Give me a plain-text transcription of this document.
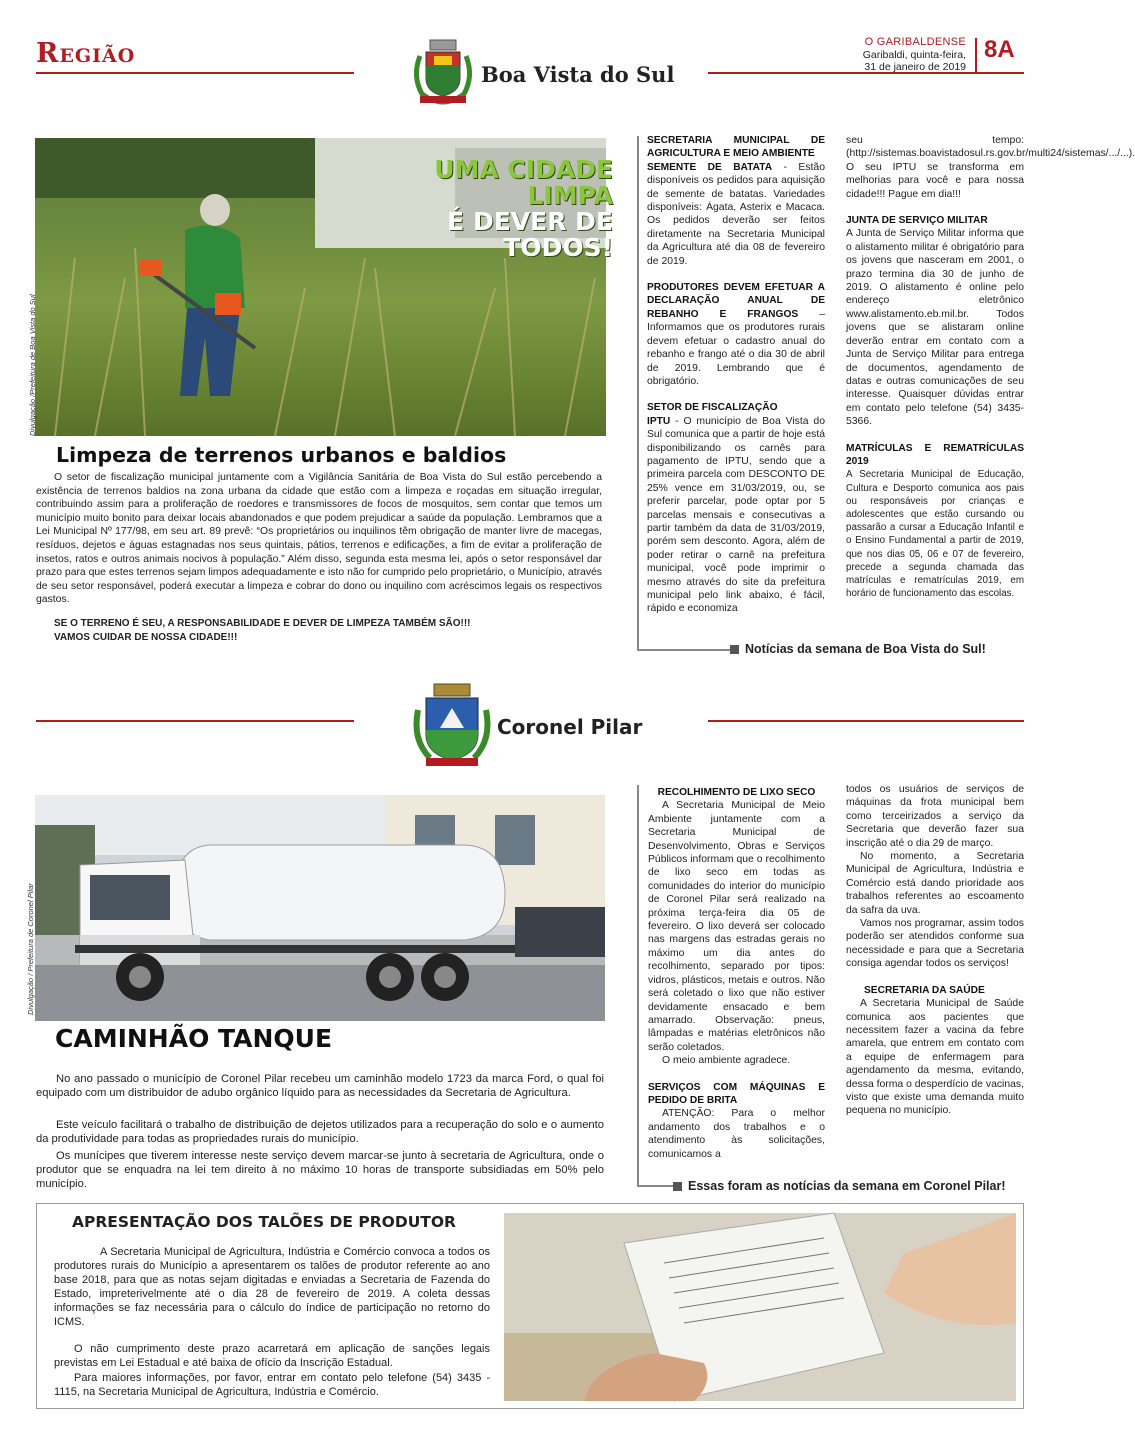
Região	O GARIBALDENSE
Garibaldi, quinta-feira,
31 de janeiro de 2019
8A
Boa Vista do Sul
UMA CIDADE LIMPA
É DEVER DE TODOS!
Divulgação /Prefeitura de Boa Vista do Sul
Limpeza de terrenos urbanos e baldios
O setor de fiscalização municipal juntamente com a Vigilância Sanitária de Boa Vista do Sul estão percebendo a existência de terrenos baldios na zona urbana da cidade que estão com a limpeza e roçadas em situação irregular, contribuindo assim para a proliferação de roedores e transmissores de focos de mosquitos, sem contar que temos um município muito bonito para deixar locais abandonados e que podem prejudicar a saúde da população. Lembramos que a Lei Municipal Nº 177/98, em seu art. 89 prevê: “Os proprietários ou inquilinos têm obrigação de manter livre de macegas, resíduos, dejetos e águas estagnadas nos seus quintais, pátios, terrenos e edificações, a fim de evitar a proliferação de insetos, ratos e outros animais nocivos à população.” Além disso, segunda esta mesma lei, após o setor responsável dar prazo para que estes terrenos sejam limpos adequadamente e isto não for cumprido pelo proprietário, o Município, através de seu setor responsável, poderá executar a limpeza e cobrar do dono ou inquilino com acréscimos legais os respectivos gastos.
SE O TERRENO É SEU, A RESPONSABILIDADE E DEVER DE LIMPEZA TAMBÉM SÃO!!!
VAMOS CUIDAR DE NOSSA CIDADE!!!
SECRETARIA MUNICIPAL DE AGRICULTURA E MEIO AMBIENTE

SEMENTE DE BATATA - Estão disponíveis os pedidos para aquisição de semente de batatas. Variedades disponíveis: Ágata, Asterix e Macaca. Os pedidos deverão ser feitos diretamente na Secretaria Municipal da Agricultura até dia 08 de fevereiro de 2019.

PRODUTORES DEVEM EFETUAR A DECLARAÇÃO ANUAL DE REBANHO E FRANGOS – Informamos que os produtores rurais devem efetuar o cadastro anual do rebanho e frango até o dia 30 de abril de 2019. Lembrando que é obrigatório.

SETOR DE FISCALIZAÇÃO

IPTU - O município de Boa Vista do Sul comunica que a partir de hoje está disponibilizando os carnês para pagamento de IPTU, sendo que a primeira parcela com DESCONTO DE 25% vence em 31/03/2019, ou, se preferir parcelar, pode optar por 5 parcelas mensais e consecutivas a partir também da data de 31/03/2019, porém sem desconto. Agora, além de poder retirar o carnê na prefeitura municipal, você pode imprimir o mesmo através do site da prefeitura municipal pelo link abaixo, é fácil, rápido e economiza

seu tempo: (http://sistemas.boavistadosul.rs.gov.br/multi24/sistemas/.../...).

O seu IPTU se transforma em melhorias para você e para nossa cidade!!! Pague em dia!!!

JUNTA DE SERVIÇO MILITAR

A Junta de Serviço Militar informa que o alistamento militar é obrigatório para os jovens que nasceram em 2001, o prazo termina dia 30 de junho de 2019. O alistamento é online pelo endereço eletrônico www.alistamento.eb.mil.br. Todos jovens que se alistaram online deverão entrar em contato com a Junta de Serviço Militar para entrega de documentos, agendamento de datas e outras comunicações de seu interesse. Quaisquer dúvidas entrar em contato pelo telefone (54) 3435-5366.

MATRÍCULAS E REMATRÍCULAS 2019

A Secretaria Municipal de Educação, Cultura e Desporto comunica aos pais ou responsáveis por crianças e adolescentes que estão cursando ou passarão a cursar a Educação Infantil e o Ensino Fundamental a partir de 2019, que nos dias 05, 06 e 07 de fevereiro, precede a segunda chamada das matrículas e rematrículas 2019, em horário de funcionamento das escolas.

Notícias da semana de Boa Vista do Sul!
Coronel Pilar
Divulgação / Prefeitura de Coronel Pilar
CAMINHÃO TANQUE
No ano passado o município de Coronel Pilar recebeu um caminhão modelo 1723 da marca Ford, o qual foi equipado com um distribuidor de adubo orgânico líquido para as necessidades da Secretaria de Agricultura.
Este veículo facilitará o trabalho de distribuição de dejetos utilizados para a recuperação do solo e o aumento da produtividade para todas as propriedades rurais do município.
Os munícipes que tiverem interesse neste serviço devem marcar-se junto à secretaria de Agricultura, onde o produtor que se enquadra na lei tem direito à no máximo 10 horas de transporte subsidiadas em 50% pelo município.
RECOLHIMENTO DE LIXO SECO
A Secretaria Municipal de Meio Ambiente juntamente com a Secretaria Municipal de Desenvolvimento, Obras e Serviços Públicos informam que o recolhimento de lixo seco em todas as comunidades do interior do município de Coronel Pilar será realizado na próxima terça-feira dia 05 de fevereiro. O lixo deverá ser colocado nas margens das estradas gerais no máximo um dia antes do recolhimento, separado por tipos: vidros, plásticos, metais e outros. Não será coletado o lixo que não estiver devidamente ensacado e bem amarrado. Observação: pneus, lâmpadas e matérias eletrônicos não serão coletados.

O meio ambiente agradece.

SERVIÇOS COM MÁQUINAS E PEDIDO DE BRITA
ATENÇÃO: Para o melhor andamento dos trabalhos e o atendimento às solicitações, comunicamos a
todos os usuários de serviços de máquinas da frota municipal bem como terceirizados a serviço da Secretaria que deverão fazer sua inscrição até o dia 29 de março.
No momento, a Secretaria Municipal de Agricultura, Indústria e Comércio está dando prioridade aos trabalhos referentes ao escoamento da safra da uva.

Vamos nos programar, assim todos poderão ser atendidos conforme sua necessidade e para que a Secretaria consiga agendar todos os serviços!

SECRETARIA DA SAÚDE
A Secretaria Municipal de Saúde comunica aos pacientes que necessitem fazer a vacina da febre amarela, que entrem em contato com a equipe de enfermagem para agendamento da mesma, evitando, dessa forma o desperdício de vacinas, visto que existe uma demanda muito pequena no município.
Essas foram as notícias da semana em Coronel Pilar!
APRESENTAÇÃO DOS TALÕES DE PRODUTOR
A Secretaria Municipal de Agricultura, Indústria e Comércio convoca a todos os produtores rurais do Município a apresentarem os talões de produtor referente ao ano base 2018, para que as notas sejam digitadas e enviadas a Secretaria de Fazenda do Estado, impreterivelmente até o dia 28 de fevereiro de 2019. A coleta dessas informações se faz necessária para o cálculo do índice de participação no retorno do ICMS.
O não cumprimento deste prazo acarretará em aplicação de sanções legais previstas em Lei Estadual e até baixa de ofício da Inscrição Estadual.
Para maiores informações, por favor, entrar em contato pelo telefone (54) 3435 - 1115, na Secretaria Municipal de Agricultura, Indústria e Comércio.
